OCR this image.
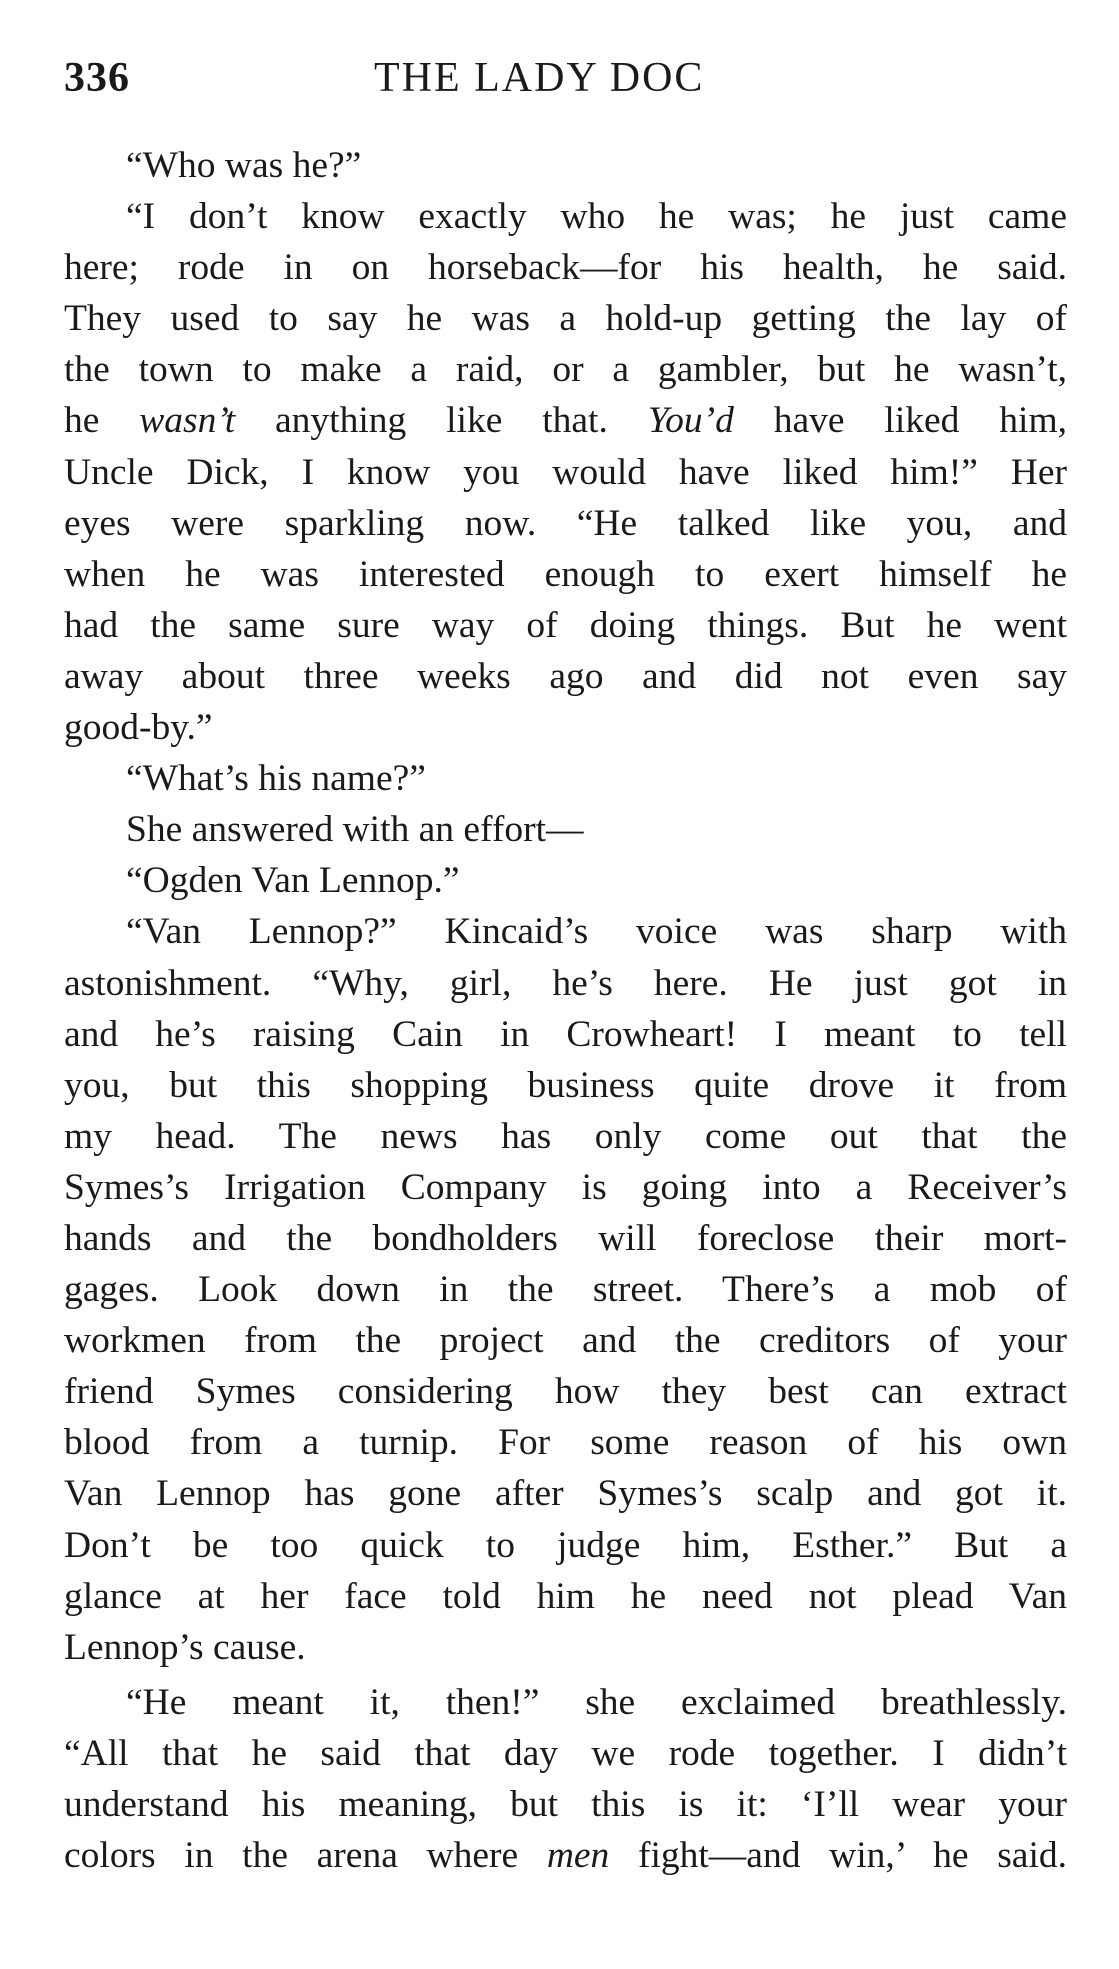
336	THE LADY DOC
“Who was he?”
“I don’t know exactly who he was; he just came
here; rode in on horseback—for his health, he said.
They used to say he was a hold-up getting the lay of
the town to make a raid, or a gambler, but he wasn’t,
he wasn’t anything like that. You’d have liked him,
Uncle Dick, I know you would have liked him!” Her
eyes were sparkling now. “He talked like you, and
when he was interested enough to exert himself he
had the same sure way of doing things. But he went
away about three weeks ago and did not even say
good-by.”
“What’s his name?”
She answered with an effort—
“Ogden Van Lennop.”
“Van Lennop?” Kincaid’s voice was sharp with
astonishment. “Why, girl, he’s here. He just got in
and he’s raising Cain in Crowheart! I meant to tell
you, but this shopping business quite drove it from
my head. The news has only come out that the
Symes’s Irrigation Company is going into a Receiver’s
hands and the bondholders will foreclose their mort-
gages. Look down in the street. There’s a mob of
workmen from the project and the creditors of your
friend Symes considering how they best can extract
blood from a turnip. For some reason of his own
Van Lennop has gone after Symes’s scalp and got it.
Don’t be too quick to judge him, Esther.” But a
glance at her face told him he need not plead Van
Lennop’s cause.
“He meant it, then!” she exclaimed breathlessly.
“All that he said that day we rode together. I didn’t
understand his meaning, but this is it: ‘I’ll wear your
colors in the arena where men fight—and win,’ he said.
